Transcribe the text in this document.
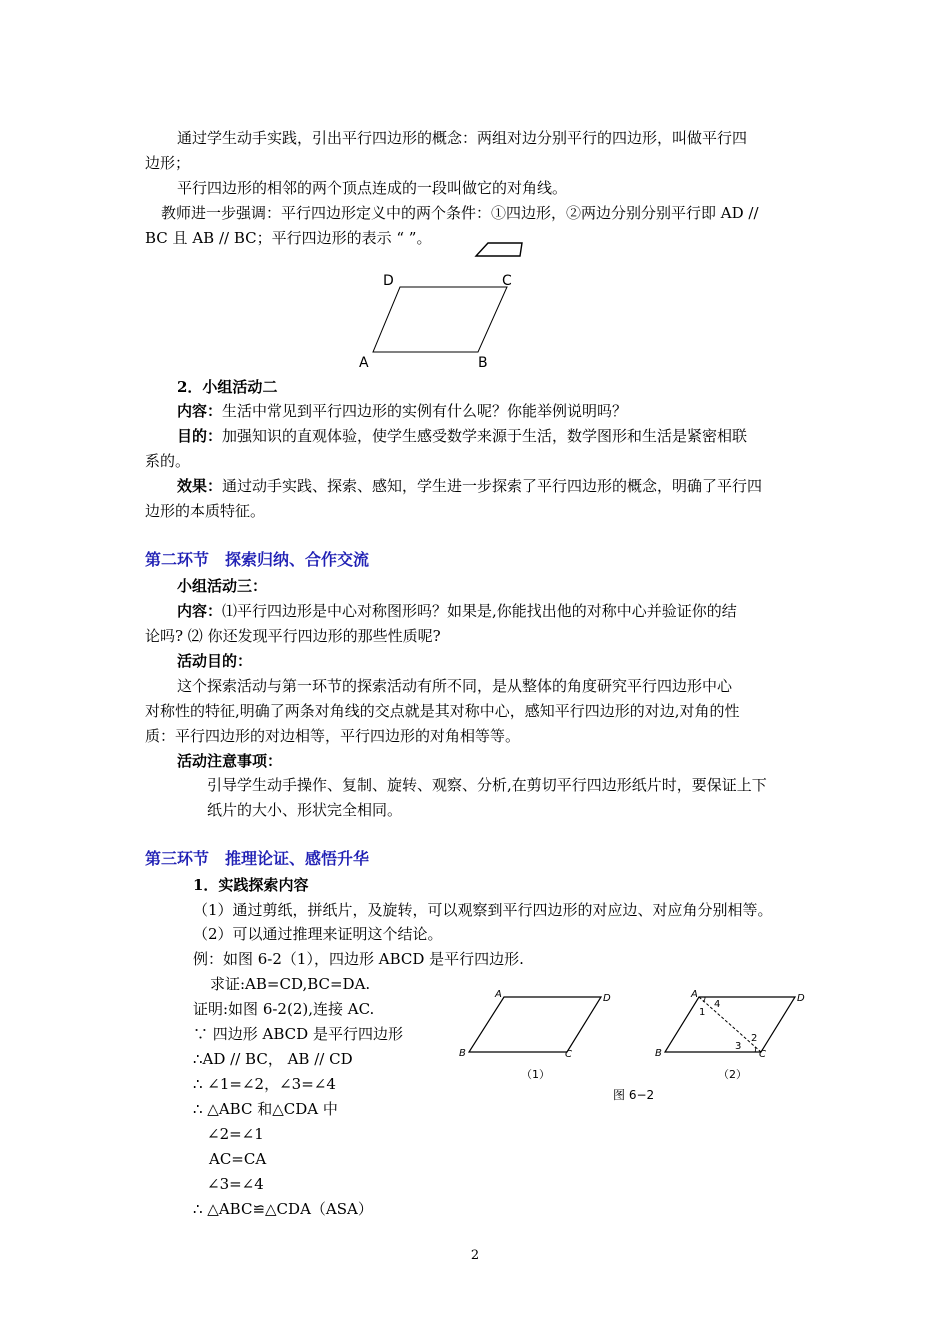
通过学生动手实践，引出平行四边形的概念：两组对边分别平行的四边形，叫做平行四
边形；
平行四边形的相邻的两个顶点连成的一段叫做它的对角线。
教师进一步强调：平行四边形定义中的两个条件：①四边形，②两边分别分别平行即 AD //
BC 且 AB // BC；平行四边形的表示 “ ”。
D	C
A	B
2．小组活动二
内容：生活中常见到平行四边形的实例有什么呢？你能举例说明吗？
目的：加强知识的直观体验，使学生感受数学来源于生活，数学图形和生活是紧密相联
系的。
效果：通过动手实践、探索、感知，学生进一步探索了平行四边形的概念，明确了平行四
边形的本质特征。
第二环节　探索归纳、合作交流
小组活动三：
内容：⑴平行四边形是中心对称图形吗？如果是,你能找出他的对称中心并验证你的结
论吗? ⑵ 你还发现平行四边形的那些性质呢?
活动目的：
这个探索活动与第一环节的探索活动有所不同，是从整体的角度研究平行四边形中心
对称性的特征,明确了两条对角线的交点就是其对称中心，感知平行四边形的对边,对角的性
质：平行四边形的对边相等，平行四边形的对角相等等。
活动注意事项：
引导学生动手操作、复制、旋转、观察、分析,在剪切平行四边形纸片时，要保证上下
纸片的大小、形状完全相同。
第三环节　推理论证、感悟升华
1．实践探索内容
（1）通过剪纸，拼纸片，及旋转，可以观察到平行四边形的对应边、对应角分别相等。
（2）可以通过推理来证明这个结论。
例：如图 6-2（1），四边形 ABCD 是平行四边形.
求证:AB=CD,BC=DA.
证明:如图 6-2(2),连接 AC.
∵ 四边形 ABCD 是平行四边形
∴AD // BC， AB // CD
∴ ∠1=∠2，∠3=∠4
∴ △ABC 和△CDA 中
∠2=∠1
AC=CA
∠3=∠4
∴ △ABC≌△CDA（ASA）
A	D
B	C
（1）
A	D
B	C
1
4
2
3
（2）
图 6−2
2
